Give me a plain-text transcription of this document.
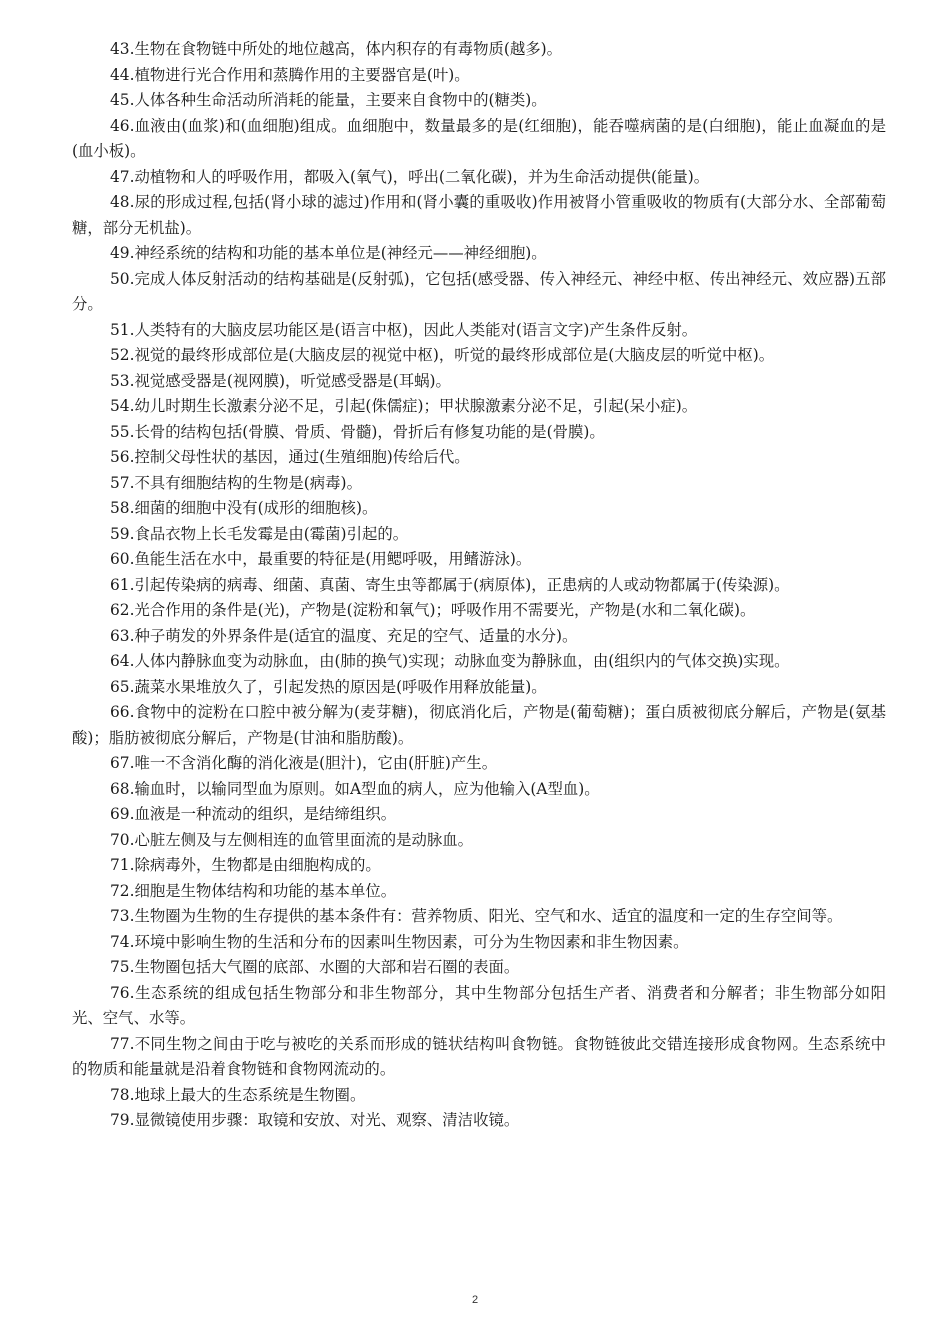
43.生物在食物链中所处的地位越高，体内积存的有毒物质(越多)。

44.植物进行光合作用和蒸腾作用的主要器官是(叶)。

45.人体各种生命活动所消耗的能量，主要来自食物中的(糖类)。

46.血液由(血浆)和(血细胞)组成。血细胞中，数量最多的是(红细胞)，能吞噬病菌的是(白细胞)，能止血凝血的是(血小板)。

47.动植物和人的呼吸作用，都吸入(氧气)，呼出(二氧化碳)，并为生命活动提供(能量)。

48.尿的形成过程,包括(肾小球的滤过)作用和(肾小囊的重吸收)作用被肾小管重吸收的物质有(大部分水、全部葡萄糖，部分无机盐)。

49.神经系统的结构和功能的基本单位是(神经元——神经细胞)。

50.完成人体反射活动的结构基础是(反射弧)，它包括(感受器、传入神经元、神经中枢、传出神经元、效应器)五部分。

51.人类特有的大脑皮层功能区是(语言中枢)，因此人类能对(语言文字)产生条件反射。

52.视觉的最终形成部位是(大脑皮层的视觉中枢)，听觉的最终形成部位是(大脑皮层的听觉中枢)。

53.视觉感受器是(视网膜)，听觉感受器是(耳蜗)。

54.幼儿时期生长激素分泌不足，引起(侏儒症)；甲状腺激素分泌不足，引起(呆小症)。

55.长骨的结构包括(骨膜、骨质、骨髓)，骨折后有修复功能的是(骨膜)。

56.控制父母性状的基因，通过(生殖细胞)传给后代。

57.不具有细胞结构的生物是(病毒)。

58.细菌的细胞中没有(成形的细胞核)。

59.食品衣物上长毛发霉是由(霉菌)引起的。

60.鱼能生活在水中，最重要的特征是(用鳃呼吸，用鳍游泳)。

61.引起传染病的病毒、细菌、真菌、寄生虫等都属于(病原体)，正患病的人或动物都属于(传染源)。

62.光合作用的条件是(光)，产物是(淀粉和氧气)；呼吸作用不需要光，产物是(水和二氧化碳)。

63.种子萌发的外界条件是(适宜的温度、充足的空气、适量的水分)。

64.人体内静脉血变为动脉血，由(肺的换气)实现；动脉血变为静脉血，由(组织内的气体交换)实现。

65.蔬菜水果堆放久了，引起发热的原因是(呼吸作用释放能量)。

66.食物中的淀粉在口腔中被分解为(麦芽糖)，彻底消化后，产物是(葡萄糖)；蛋白质被彻底分解后，产物是(氨基酸)；脂肪被彻底分解后，产物是(甘油和脂肪酸)。

67.唯一不含消化酶的消化液是(胆汁)，它由(肝脏)产生。

68.输血时，以输同型血为原则。如A型血的病人，应为他输入(A型血)。

69.血液是一种流动的组织，是结缔组织。

70.心脏左侧及与左侧相连的血管里面流的是动脉血。

71.除病毒外，生物都是由细胞构成的。

72.细胞是生物体结构和功能的基本单位。

73.生物圈为生物的生存提供的基本条件有：营养物质、阳光、空气和水、适宜的温度和一定的生存空间等。

74.环境中影响生物的生活和分布的因素叫生物因素，可分为生物因素和非生物因素。

75.生物圈包括大气圈的底部、水圈的大部和岩石圈的表面。

76.生态系统的组成包括生物部分和非生物部分，其中生物部分包括生产者、消费者和分解者；非生物部分如阳光、空气、水等。

77.不同生物之间由于吃与被吃的关系而形成的链状结构叫食物链。食物链彼此交错连接形成食物网。生态系统中的物质和能量就是沿着食物链和食物网流动的。

78.地球上最大的生态系统是生物圈。

79.显微镜使用步骤：取镜和安放、对光、观察、清洁收镜。

2
